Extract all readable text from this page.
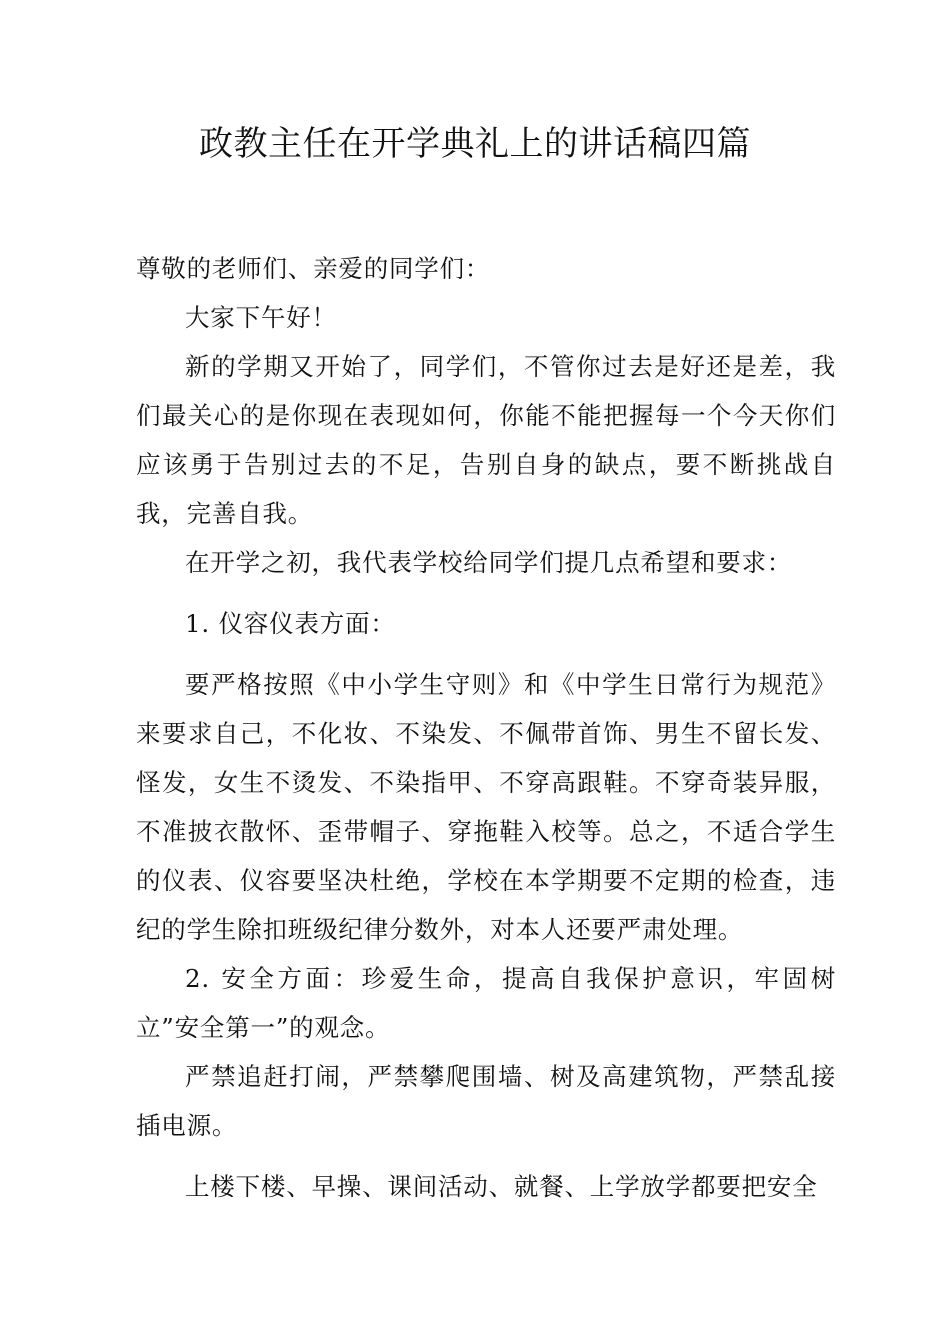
政教主任在开学典礼上的讲话稿四篇

尊敬的老师们、亲爱的同学们：

大家下午好！

新的学期又开始了，同学们，不管你过去是好还是差，我们最关心的是你现在表现如何，你能不能把握每一个今天你们应该勇于告别过去的不足，告别自身的缺点，要不断挑战自我，完善自我。

在开学之初，我代表学校给同学们提几点希望和要求：

1. 仪容仪表方面：

要严格按照《中小学生守则》和《中学生日常行为规范》来要求自己，不化妆、不染发、不佩带首饰、男生不留长发、怪发，女生不烫发、不染指甲、不穿高跟鞋。不穿奇装异服，不准披衣散怀、歪带帽子、穿拖鞋入校等。总之，不适合学生的仪表、仪容要坚决杜绝，学校在本学期要不定期的检查，违纪的学生除扣班级纪律分数外，对本人还要严肃处理。

2. 安全方面：珍爱生命，提高自我保护意识，牢固树立”安全第一”的观念。

严禁追赶打闹，严禁攀爬围墙、树及高建筑物，严禁乱接插电源。

上楼下楼、早操、课间活动、就餐、上学放学都要把安全
